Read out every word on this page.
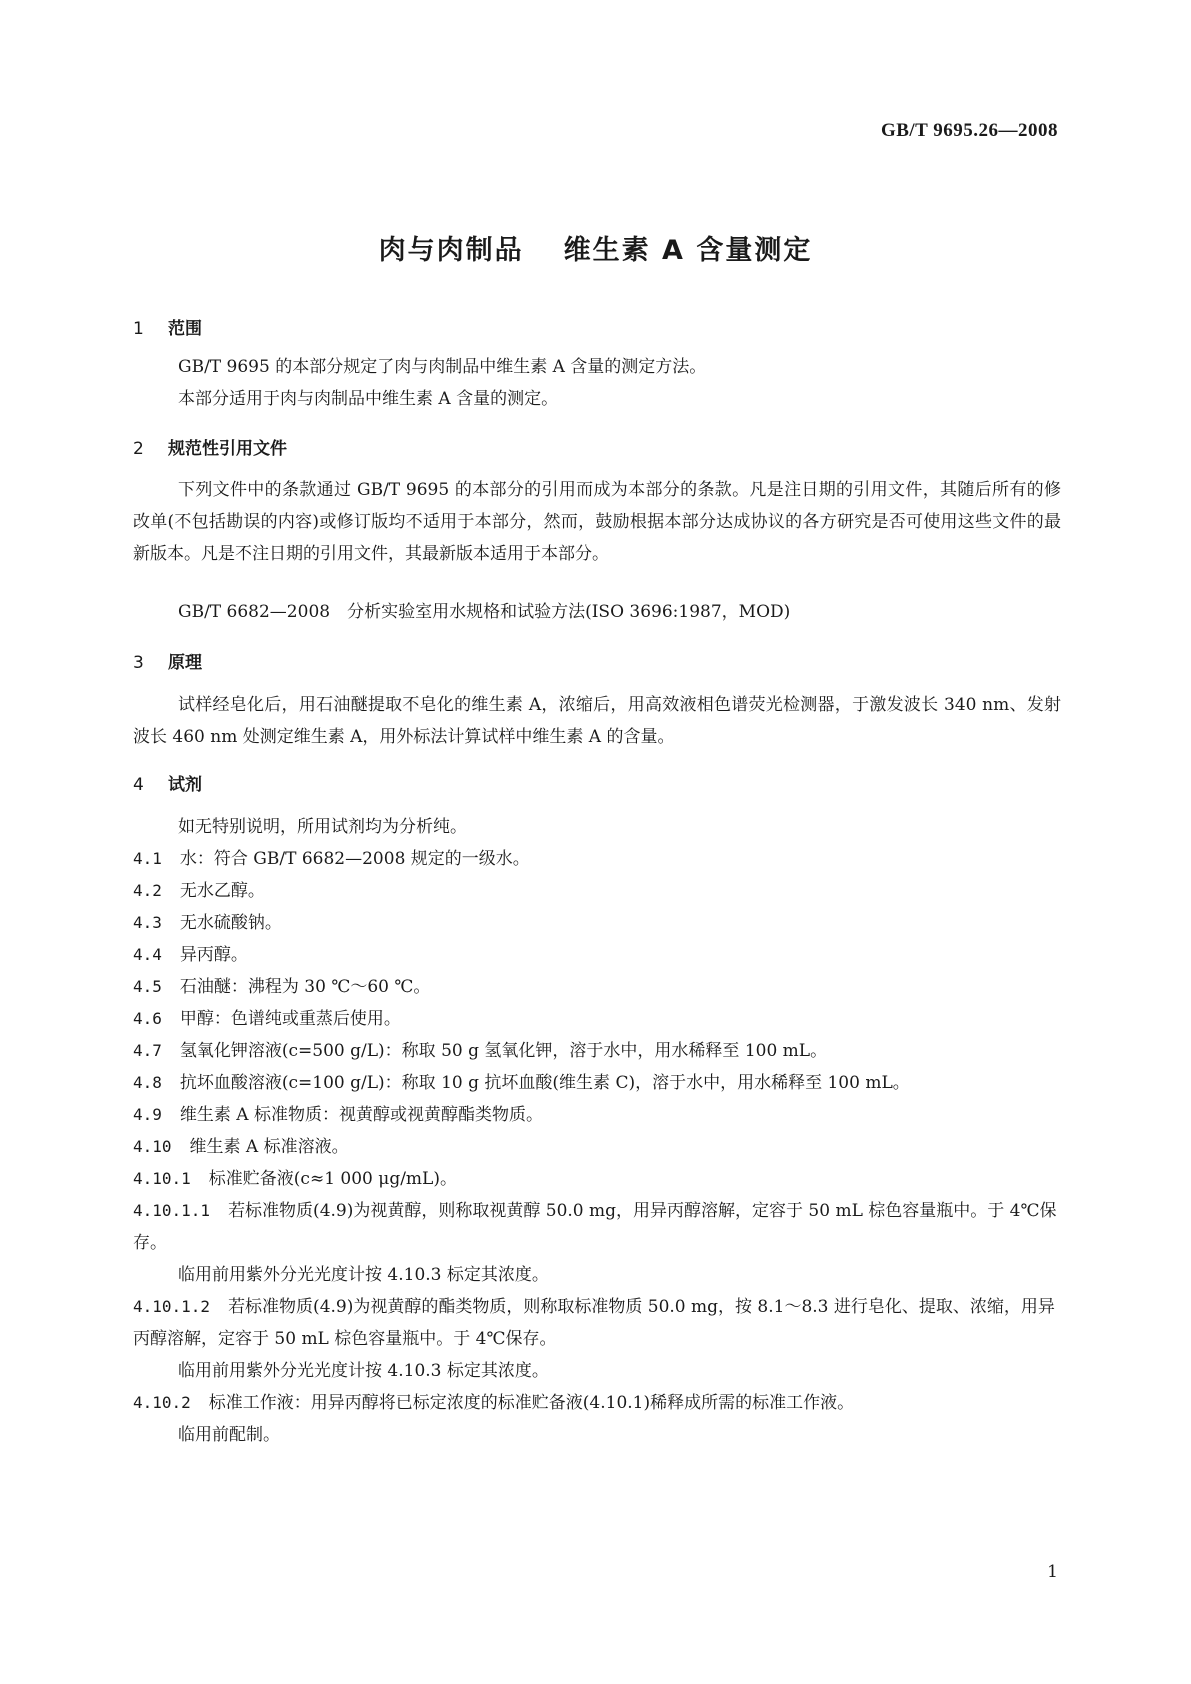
GB/T 9695.26—2008
肉与肉制品 维生素 A 含量测定
1 范围
GB/T 9695 的本部分规定了肉与肉制品中维生素 A 含量的测定方法。
本部分适用于肉与肉制品中维生素 A 含量的测定。
2 规范性引用文件
下列文件中的条款通过 GB/T 9695 的本部分的引用而成为本部分的条款。凡是注日期的引用文件，其随后所有的修改单(不包括勘误的内容)或修订版均不适用于本部分，然而，鼓励根据本部分达成协议的各方研究是否可使用这些文件的最新版本。凡是不注日期的引用文件，其最新版本适用于本部分。
GB/T 6682—2008　分析实验室用水规格和试验方法(ISO 3696:1987，MOD)
3 原理
试样经皂化后，用石油醚提取不皂化的维生素 A，浓缩后，用高效液相色谱荧光检测器，于激发波长 340 nm、发射波长 460 nm 处测定维生素 A，用外标法计算试样中维生素 A 的含量。
4 试剂
如无特别说明，所用试剂均为分析纯。
4.1 水：符合 GB/T 6682—2008 规定的一级水。
4.2 无水乙醇。
4.3 无水硫酸钠。
4.4 异丙醇。
4.5 石油醚：沸程为 30 ℃～60 ℃。
4.6 甲醇：色谱纯或重蒸后使用。
4.7 氢氧化钾溶液(c=500 g/L)：称取 50 g 氢氧化钾，溶于水中，用水稀释至 100 mL。
4.8 抗坏血酸溶液(c=100 g/L)：称取 10 g 抗坏血酸(维生素 C)，溶于水中，用水稀释至 100 mL。
4.9 维生素 A 标准物质：视黄醇或视黄醇酯类物质。
4.10 维生素 A 标准溶液。
4.10.1 标准贮备液(c≈1 000 μg/mL)。
4.10.1.1 若标准物质(4.9)为视黄醇，则称取视黄醇 50.0 mg，用异丙醇溶解，定容于 50 mL 棕色容量瓶中。于 4℃保存。
临用前用紫外分光光度计按 4.10.3 标定其浓度。
4.10.1.2 若标准物质(4.9)为视黄醇的酯类物质，则称取标准物质 50.0 mg，按 8.1～8.3 进行皂化、提取、浓缩，用异丙醇溶解，定容于 50 mL 棕色容量瓶中。于 4℃保存。
临用前用紫外分光光度计按 4.10.3 标定其浓度。
4.10.2 标准工作液：用异丙醇将已标定浓度的标准贮备液(4.10.1)稀释成所需的标准工作液。
临用前配制。
1
